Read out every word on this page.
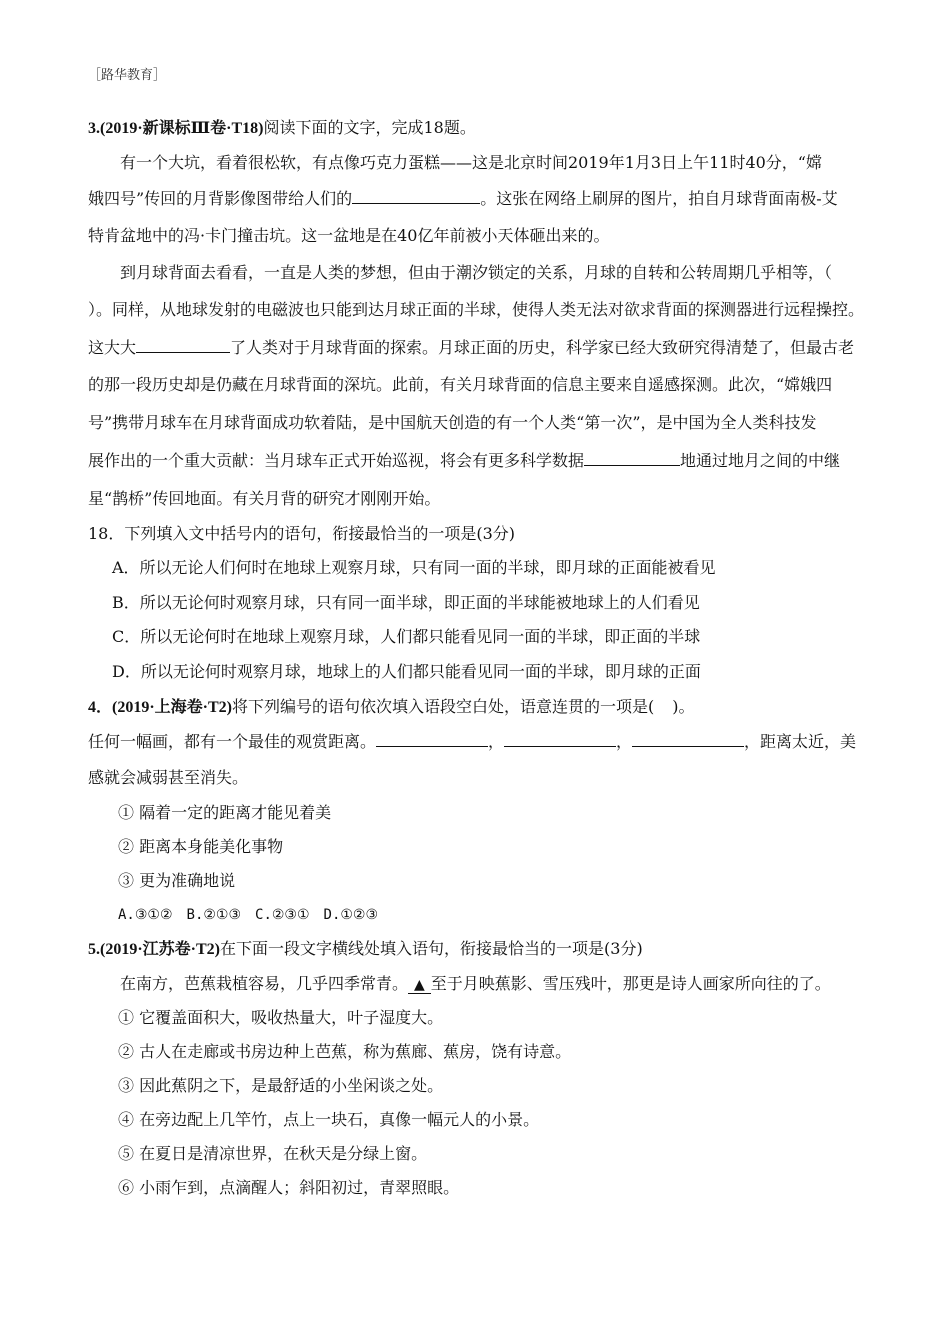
［路华教育］
3.(2019·新课标Ⅲ卷·T18)阅读下面的文字，完成18题。
有一个大坑，看着很松软，有点像巧克力蛋糕——这是北京时间2019年1月3日上午11时40分，“嫦
娥四号”传回的月背影像图带给人们的	。这张在网络上刷屏的图片，拍自月球背面南极-艾
特肯盆地中的冯·卡门撞击坑。这一盆地是在40亿年前被小天体砸出来的。
到月球背面去看看，一直是人类的梦想，但由于潮汐锁定的关系，月球的自转和公转周期几乎相等，（
）。同样，从地球发射的电磁波也只能到达月球正面的半球，使得人类无法对欲求背面的探测器进行远程操控。
这大大	了人类对于月球背面的探索。月球正面的历史，科学家已经大致研究得清楚了，但最古老
的那一段历史却是仍藏在月球背面的深坑。此前，有关月球背面的信息主要来自遥感探测。此次，“嫦娥四
号”携带月球车在月球背面成功软着陆，是中国航天创造的有一个人类“第一次”，是中国为全人类科技发
展作出的一个重大贡献：当月球车正式开始巡视，将会有更多科学数据	地通过地月之间的中继
星“鹊桥”传回地面。有关月背的研究才刚刚开始。
18．下列填入文中括号内的语句，衔接最恰当的一项是(3分)
A．所以无论人们何时在地球上观察月球，只有同一面的半球，即月球的正面能被看见
B．所以无论何时观察月球，只有同一面半球，即正面的半球能被地球上的人们看见
C．所以无论何时在地球上观察月球，人们都只能看见同一面的半球，即正面的半球
D．所以无论何时观察月球，地球上的人们都只能看见同一面的半球，即月球的正面
4．(2019·上海卷·T2)将下列编号的语句依次填入语段空白处，语意连贯的一项是( )。
任何一幅画，都有一个最佳的观赏距离。	，	，	，距离太近，美
感就会减弱甚至消失。
① 隔着一定的距离才能见着美
② 距离本身能美化事物
③ 更为准确地说
A.③①②　B.②①③　C.②③①　D.①②③
5.(2019·江苏卷·T2)在下面一段文字横线处填入语句，衔接最恰当的一项是(3分)
在南方，芭蕉栽植容易，几乎四季常青。 ▲ 至于月映蕉影、雪压残叶，那更是诗人画家所向往的了。
① 它覆盖面积大，吸收热量大，叶子湿度大。
② 古人在走廊或书房边种上芭蕉，称为蕉廊、蕉房，饶有诗意。
③ 因此蕉阴之下，是最舒适的小坐闲谈之处。
④ 在旁边配上几竿竹，点上一块石，真像一幅元人的小景。
⑤ 在夏日是清凉世界，在秋天是分绿上窗。
⑥ 小雨乍到，点滴醒人；斜阳初过，青翠照眼。
